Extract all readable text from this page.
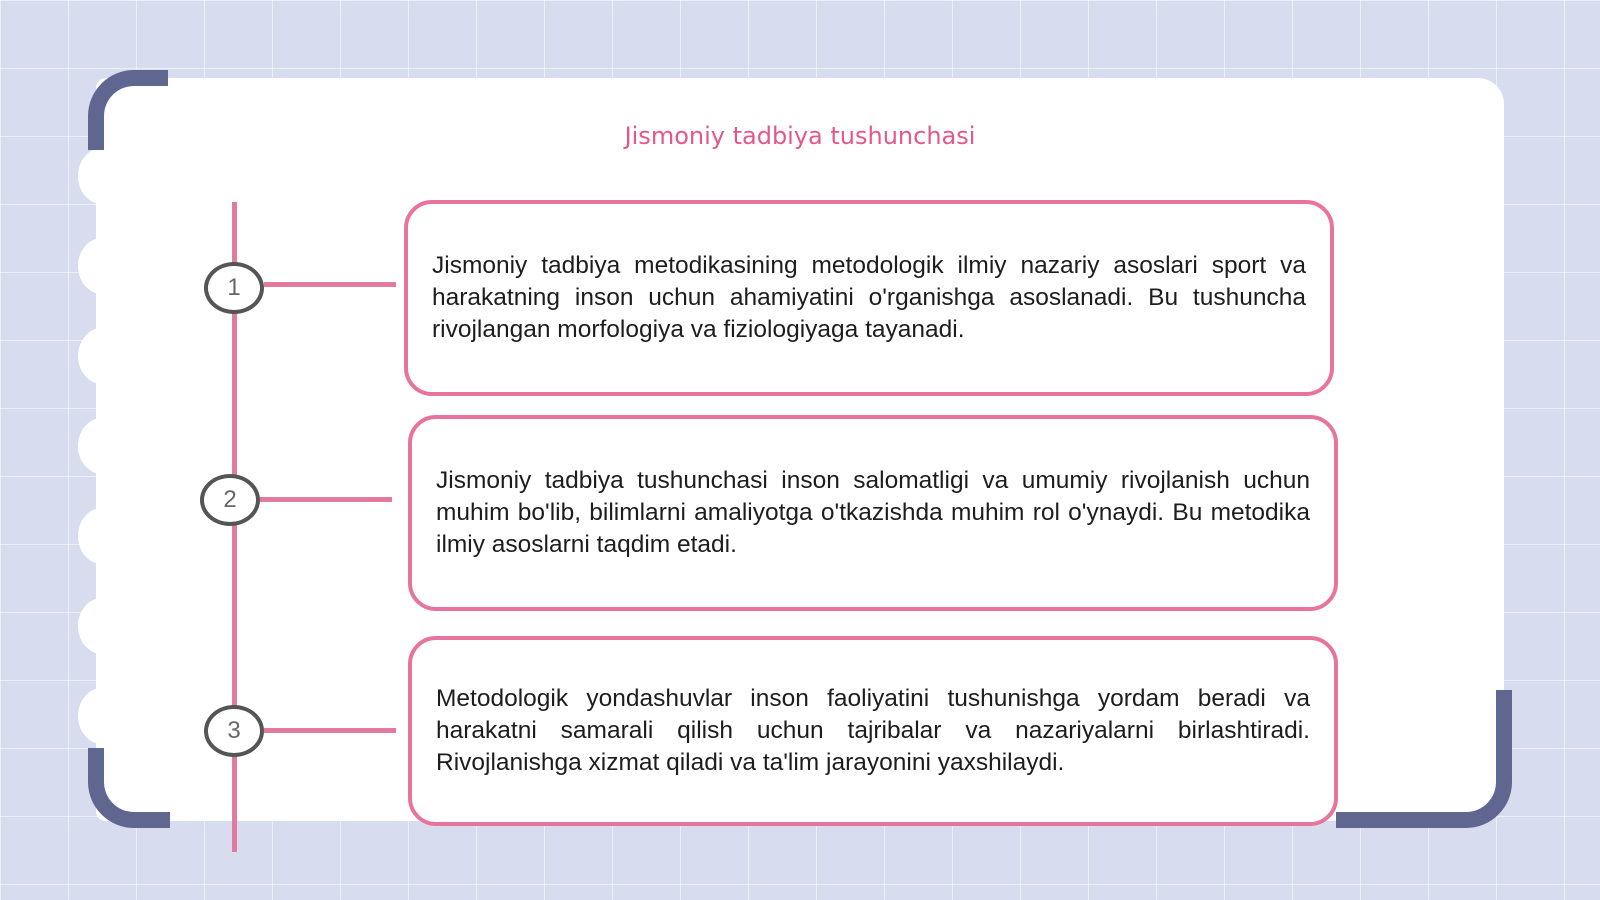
Jismoniy tadbiya tushunchasi
1
2
3

Jismoniy tadbiya metodikasining metodologik ilmiy nazariy asoslari sport va harakatning inson uchun ahamiyatini o'rganishga asoslanadi. Bu tushuncha rivojlangan morfologiya va fiziologiyaga tayanadi.

Jismoniy tadbiya tushunchasi inson salomatligi va umumiy rivojlanish uchun muhim bo'lib, bilimlarni amaliyotga o'tkazishda muhim rol o'ynaydi. Bu metodika ilmiy asoslarni taqdim etadi.

Metodologik yondashuvlar inson faoliyatini tushunishga yordam beradi va harakatni samarali qilish uchun tajribalar va nazariyalarni birlashtiradi. Rivojlanishga xizmat qiladi va ta'lim jarayonini yaxshilaydi.
